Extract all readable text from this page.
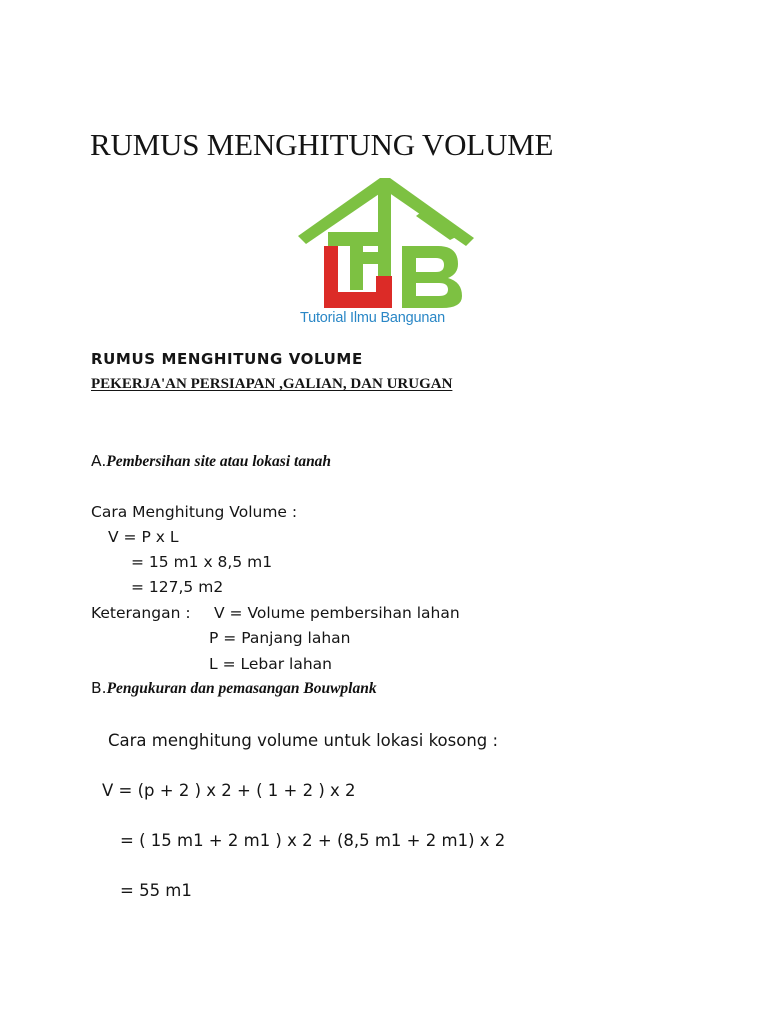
RUMUS MENGHITUNG VOLUME
Tutorial Ilmu Bangunan
RUMUS MENGHITUNG VOLUME
PEKERJA'AN PERSIAPAN ,GALIAN, DAN URUGAN
A.Pembersihan site atau lokasi tanah
Cara Menghitung Volume :
V = P x L
= 15 m1 x 8,5 m1
= 127,5 m2
Keterangan : V = Volume pembersihan lahan
P = Panjang lahan
L = Lebar lahan
B.Pengukuran dan pemasangan Bouwplank
Cara menghitung volume untuk lokasi kosong :
V = (p + 2 ) x 2 + ( 1 + 2 ) x 2
= ( 15 m1 + 2 m1 ) x 2 + (8,5 m1 + 2 m1) x 2
= 55 m1
